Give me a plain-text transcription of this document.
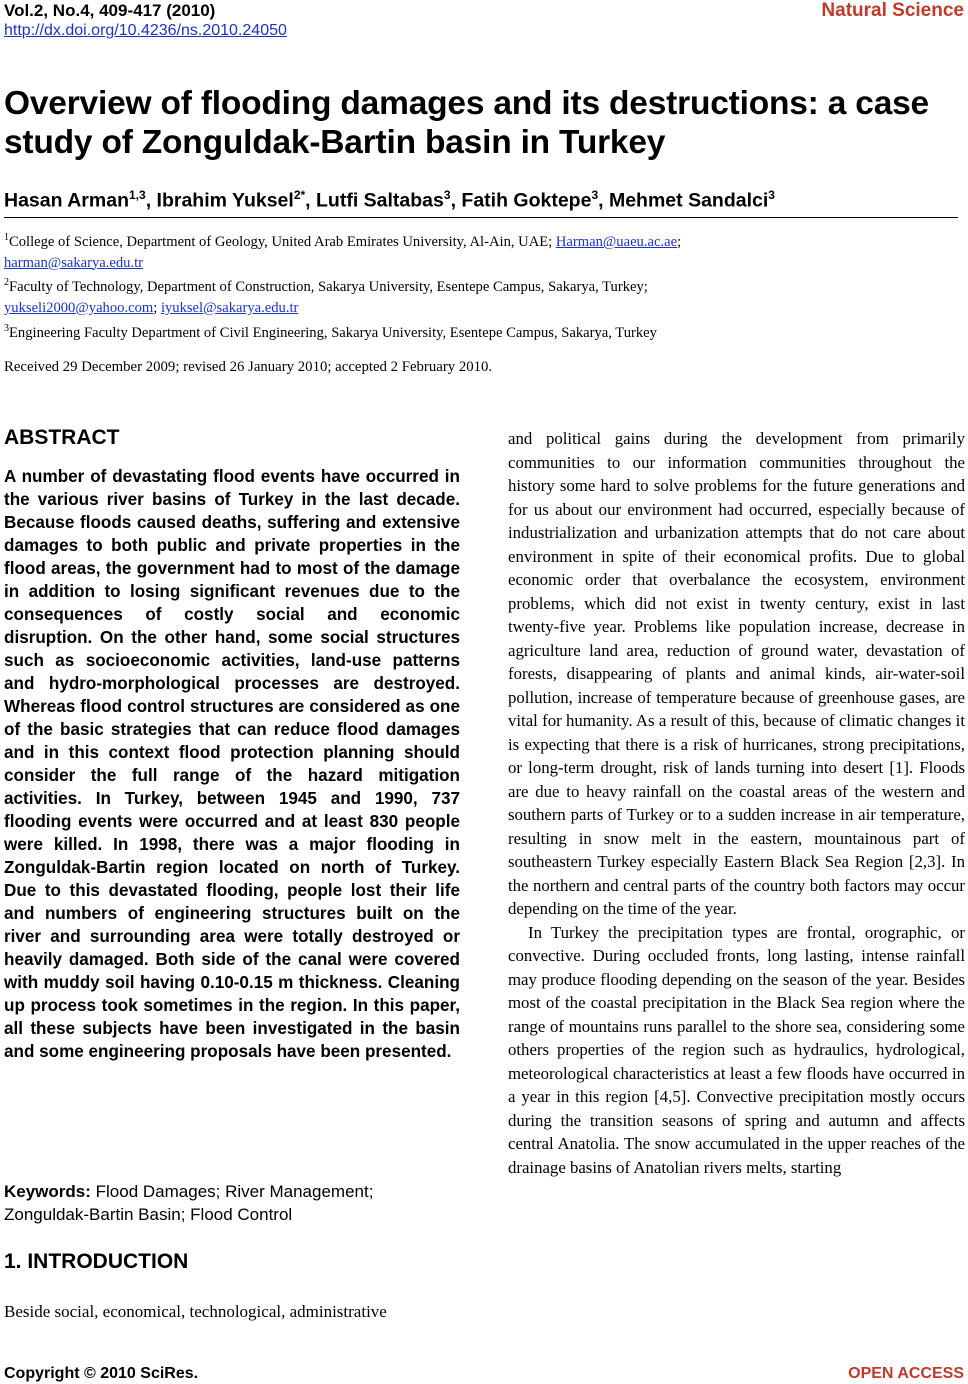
Vol.2, No.4, 409-417 (2010)
http://dx.doi.org/10.4236/ns.2010.24050
Natural Science
Overview of flooding damages and its destructions: a case study of Zonguldak-Bartin basin in Turkey
Hasan Arman$^{1,3}$, Ibrahim Yuksel$^{2*}$, Lutfi Saltabas$^3$, Fatih Goktepe$^3$, Mehmet Sandalci$^3$
$^1$College of Science, Department of Geology, United Arab Emirates University, Al-Ain, UAE; Harman@uaeu.ac.ae;
harman@sakarya.edu.tr
$^2$Faculty of Technology, Department of Construction, Sakarya University, Esentepe Campus, Sakarya, Turkey;
yukseli2000@yahoo.com; iyuksel@sakarya.edu.tr
$^3$Engineering Faculty Department of Civil Engineering, Sakarya University, Esentepe Campus, Sakarya, Turkey
Received 29 December 2009; revised 26 January 2010; accepted 2 February 2010.
ABSTRACT

A number of devastating flood events have occurred in the various river basins of Turkey in the last decade. Because floods caused deaths, suffering and extensive damages to both public and private properties in the flood areas, the government had to most of the damage in addition to losing significant revenues due to the consequences of costly social and economic disruption. On the other hand, some social structures such as socioeconomic activities, land-use patterns and hydro-morphological processes are destroyed. Whereas flood control structures are considered as one of the basic strategies that can reduce flood damages and in this context flood protection planning should consider the full range of the hazard mitigation activities. In Turkey, between 1945 and 1990, 737 flooding events were occurred and at least 830 people were killed. In 1998, there was a major flooding in Zonguldak-Bartin region located on north of Turkey. Due to this devastated flooding, people lost their life and numbers of engineering structures built on the river and surrounding area were totally destroyed or heavily damaged. Both side of the canal were covered with muddy soil having 0.10-0.15 m thickness. Cleaning up process took sometimes in the region. In this paper, all these subjects have been investigated in the basin and some engineering proposals have been presented.

Keywords: Flood Damages; River Management; Zonguldak-Bartin Basin; Flood Control

1. INTRODUCTION

Beside social, economical, technological, administrative

and political gains during the development from primarily communities to our information communities throughout the history some hard to solve problems for the future generations and for us about our environment had occurred, especially because of industrialization and urbanization attempts that do not care about environment in spite of their economical profits. Due to global economic order that overbalance the ecosystem, environment problems, which did not exist in twenty century, exist in last twenty-five year. Problems like population increase, decrease in agriculture land area, reduction of ground water, devastation of forests, disappearing of plants and animal kinds, air-water-soil pollution, increase of temperature because of greenhouse gases, are vital for humanity. As a result of this, because of climatic changes it is expecting that there is a risk of hurricanes, strong precipitations, or long-term drought, risk of lands turning into desert [1]. Floods are due to heavy rainfall on the coastal areas of the western and southern parts of Turkey or to a sudden increase in air temperature, resulting in snow melt in the eastern, mountainous part of southeastern Turkey especially Eastern Black Sea Region [2,3]. In the northern and central parts of the country both factors may occur depending on the time of the year.

In Turkey the precipitation types are frontal, orographic, or convective. During occluded fronts, long lasting, intense rainfall may produce flooding depending on the season of the year. Besides most of the coastal precipitation in the Black Sea region where the range of mountains runs parallel to the shore sea, considering some others properties of the region such as hydraulics, hydrological, meteorological characteristics at least a few floods have occurred in a year in this region [4,5]. Convective precipitation mostly occurs during the transition seasons of spring and autumn and affects central Anatolia. The snow accumulated in the upper reaches of the drainage basins of Anatolian rivers melts, starting

Copyright © 2010 SciRes.	OPEN ACCESS
